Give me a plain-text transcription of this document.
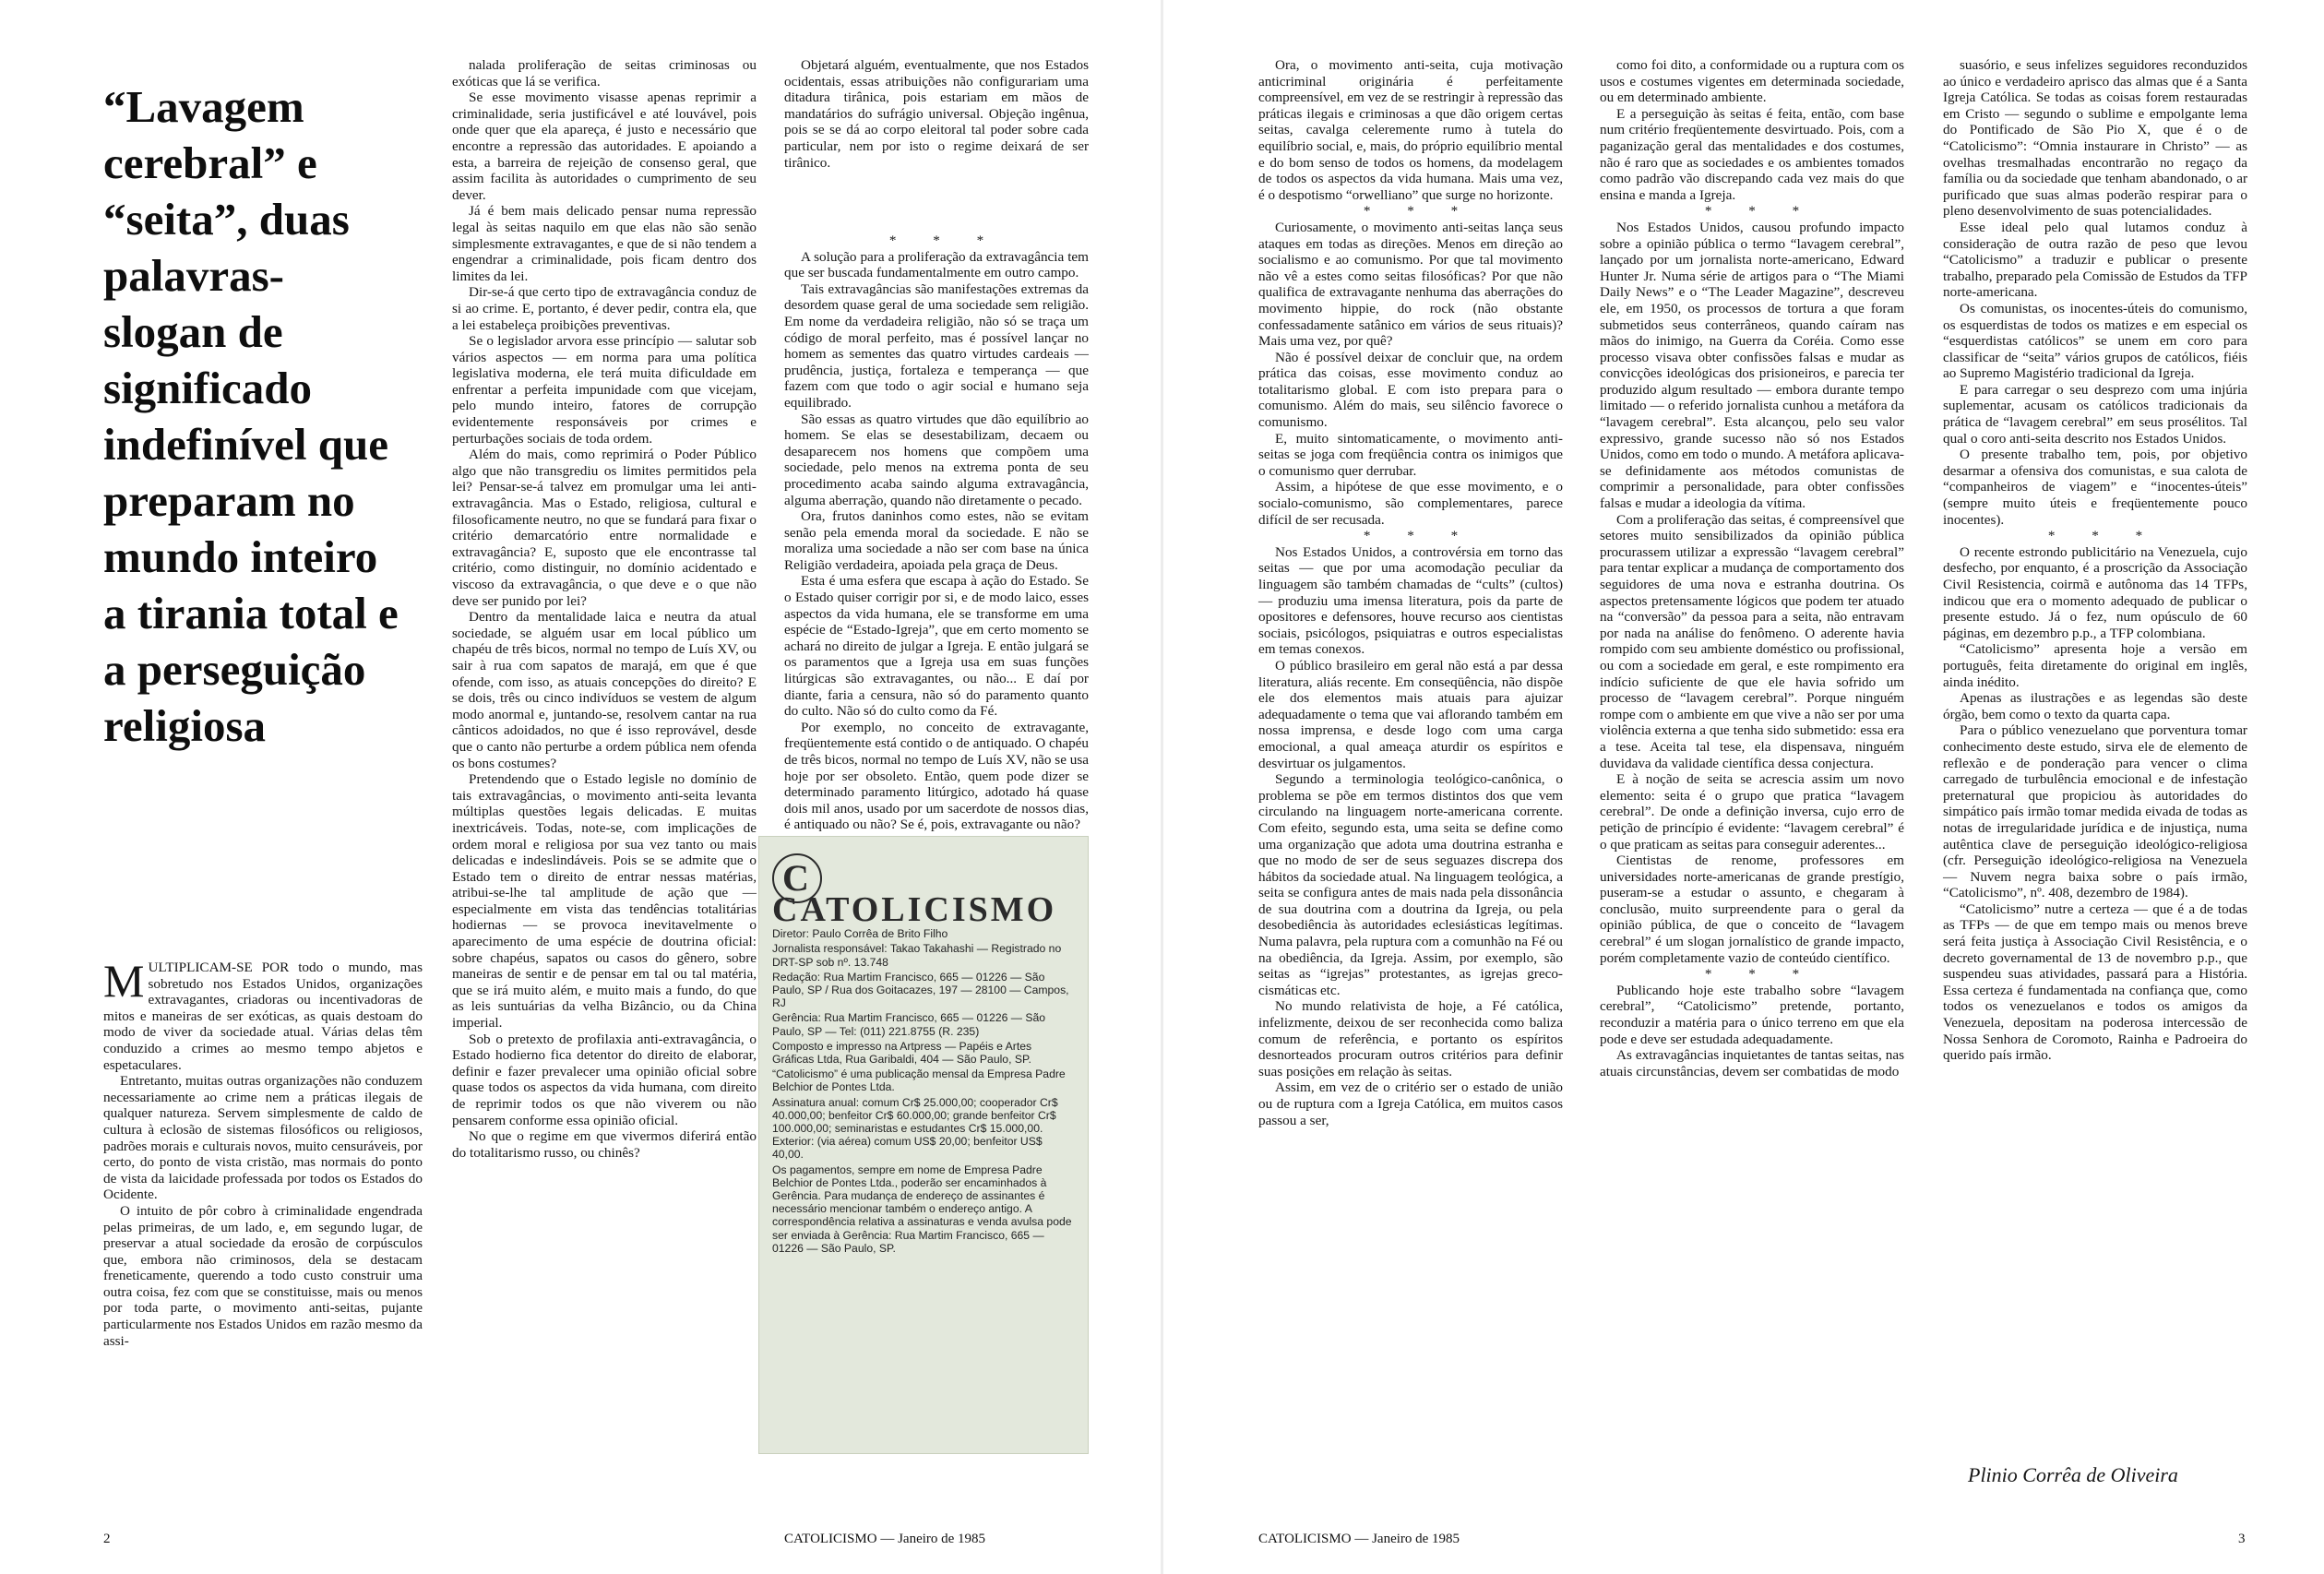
“Lavagem cerebral” e “seita”, duas palavras-slogan de significado indefinível que preparam no mundo inteiro a tirania total e a perseguição religiosa

MULTIPLICAM-SE POR todo o mundo, mas sobretudo nos Estados Unidos, organizações extravagantes, criadoras ou incentivadoras de mitos e maneiras de ser exóticas, as quais destoam do modo de viver da sociedade atual. Várias delas têm conduzido a crimes ao mesmo tempo abjetos e espetaculares.

Entretanto, muitas outras organizações não conduzem necessariamente ao crime nem a práticas ilegais de qualquer natureza. Servem simplesmente de caldo de cultura à eclosão de sistemas filosóficos ou religiosos, padrões morais e culturais novos, muito censuráveis, por certo, do ponto de vista cristão, mas normais do ponto de vista da laicidade professada por todos os Estados do Ocidente.

O intuito de pôr cobro à criminalidade engendrada pelas primeiras, de um lado, e, em segundo lugar, de preservar a atual sociedade da erosão de corpúsculos que, embora não criminosos, dela se destacam freneticamente, querendo a todo custo construir uma outra coisa, fez com que se constituisse, mais ou menos por toda parte, o movimento anti-seitas, pujante particularmente nos Estados Unidos em razão mesmo da assi-

nalada proliferação de seitas criminosas ou exóticas que lá se verifica.

Se esse movimento visasse apenas reprimir a criminalidade, seria justificável e até louvável, pois onde quer que ela apareça, é justo e necessário que encontre a repressão das autoridades. E apoiando a esta, a barreira de rejeição de consenso geral, que assim facilita às autoridades o cumprimento de seu dever.

Já é bem mais delicado pensar numa repressão legal às seitas naquilo em que elas não são senão simplesmente extravagantes, e que de si não tendem a engendrar a criminalidade, pois ficam dentro dos limites da lei.

Dir-se-á que certo tipo de extravagância conduz de si ao crime. E, portanto, é dever pedir, contra ela, que a lei estabeleça proibições preventivas.

Se o legislador arvora esse princípio — salutar sob vários aspectos — em norma para uma política legislativa moderna, ele terá muita dificuldade em enfrentar a perfeita impunidade com que vicejam, pelo mundo inteiro, fatores de corrupção evidentemente responsáveis por crimes e perturbações sociais de toda ordem.

Além do mais, como reprimirá o Poder Público algo que não transgrediu os limites permitidos pela lei? Pensar-se-á talvez em promulgar uma lei anti-extravagância. Mas o Estado, religiosa, cultural e filosoficamente neutro, no que se fundará para fixar o critério demarcatório entre normalidade e extravagância? E, suposto que ele encontrasse tal critério, como distinguir, no domínio acidentado e viscoso da extravagância, o que deve e o que não deve ser punido por lei?

Dentro da mentalidade laica e neutra da atual sociedade, se alguém usar em local público um chapéu de três bicos, normal no tempo de Luís XV, ou sair à rua com sapatos de marajá, em que é que ofende, com isso, as atuais concepções do direito? E se dois, três ou cinco indivíduos se vestem de algum modo anormal e, juntando-se, resolvem cantar na rua cânticos adoidados, no que é isso reprovável, desde que o canto não perturbe a ordem pública nem ofenda os bons costumes?

Pretendendo que o Estado legisle no domínio de tais extravagâncias, o movimento anti-seita levanta múltiplas questões legais delicadas. E muitas inextricáveis. Todas, note-se, com implicações de ordem moral e religiosa por sua vez tanto ou mais delicadas e indeslindáveis. Pois se se admite que o Estado tem o direito de entrar nessas matérias, atribui-se-lhe tal amplitude de ação que — especialmente em vista das tendências totalitárias hodiernas — se provoca inevitavelmente o aparecimento de uma espécie de doutrina oficial: sobre chapéus, sapatos ou casos do gênero, sobre maneiras de sentir e de pensar em tal ou tal matéria, que se irá muito além, e muito mais a fundo, do que as leis suntuárias da velha Bizâncio, ou da China imperial.

Sob o pretexto de profilaxia anti-extravagância, o Estado hodierno fica detentor do direito de elaborar, definir e fazer prevalecer uma opinião oficial sobre quase todos os aspectos da vida humana, com direito de reprimir todos os que não viverem ou não pensarem conforme essa opinião oficial.

No que o regime em que vivermos diferirá então do totalitarismo russo, ou chinês?

Objetará alguém, eventualmente, que nos Estados ocidentais, essas atribuições não configurariam uma ditadura tirânica, pois estariam em mãos de mandatários do sufrágio universal. Objeção ingênua, pois se se dá ao corpo eleitoral tal poder sobre cada particular, nem por isto o regime deixará de ser tirânico.

* * *

A solução para a proliferação da extravagância tem que ser buscada fundamentalmente em outro campo.

Tais extravagâncias são manifestações extremas da desordem quase geral de uma sociedade sem religião. Em nome da verdadeira religião, não só se traça um código de moral perfeito, mas é possível lançar no homem as sementes das quatro virtudes cardeais — prudência, justiça, fortaleza e temperança — que fazem com que todo o agir social e humano seja equilibrado.

São essas as quatro virtudes que dão equilíbrio ao homem. Se elas se desestabilizam, decaem ou desaparecem nos homens que compõem uma sociedade, pelo menos na extrema ponta de seu procedimento acaba saindo alguma extravagância, alguma aberração, quando não diretamente o pecado.

Ora, frutos daninhos como estes, não se evitam senão pela emenda moral da sociedade. E não se moraliza uma sociedade a não ser com base na única Religião verdadeira, apoiada pela graça de Deus.

Esta é uma esfera que escapa à ação do Estado. Se o Estado quiser corrigir por si, e de modo laico, esses aspectos da vida humana, ele se transforme em uma espécie de “Estado-Igreja”, que em certo momento se achará no direito de julgar a Igreja. E então julgará se os paramentos que a Igreja usa em suas funções litúrgicas são extravagantes, ou não... E daí por diante, faria a censura, não só do paramento quanto do culto. Não só do culto como da Fé.

Por exemplo, no conceito de extravagante, freqüentemente está contido o de antiquado. O chapéu de três bicos, normal no tempo de Luís XV, não se usa hoje por ser obsoleto. Então, quem pode dizer se determinado paramento litúrgico, adotado há quase dois mil anos, usado por um sacerdote de nossos dias, é antiquado ou não? Se é, pois, extravagante ou não?

CCATOLICISMO

Diretor: Paulo Corrêa de Brito Filho

Jornalista responsável: Takao Takahashi — Registrado no DRT-SP sob nº. 13.748

Redação: Rua Martim Francisco, 665 — 01226 — São Paulo, SP / Rua dos Goitacazes, 197 — 28100 — Campos, RJ

Gerência: Rua Martim Francisco, 665 — 01226 — São Paulo, SP — Tel: (011) 221.8755 (R. 235)

Composto e impresso na Artpress — Papéis e Artes Gráficas Ltda, Rua Garibaldi, 404 — São Paulo, SP.

“Catolicismo” é uma publicação mensal da Empresa Padre Belchior de Pontes Ltda.

Assinatura anual: comum Cr$ 25.000,00; cooperador Cr$ 40.000,00; benfeitor Cr$ 60.000,00; grande benfeitor Cr$ 100.000,00; seminaristas e estudantes Cr$ 15.000,00. Exterior: (via aérea) comum US$ 20,00; benfeitor US$ 40,00.

Os pagamentos, sempre em nome de Empresa Padre Belchior de Pontes Ltda., poderão ser encaminhados à Gerência. Para mudança de endereço de assinantes é necessário mencionar também o endereço antigo. A correspondência relativa a assinaturas e venda avulsa pode ser enviada à Gerência: Rua Martim Francisco, 665 — 01226 — São Paulo, SP.

Ora, o movimento anti-seita, cuja motivação anticriminal originária é perfeitamente compreensível, em vez de se restringir à repressão das práticas ilegais e criminosas a que dão origem certas seitas, cavalga celeremente rumo à tutela do equilíbrio social, e, mais, do próprio equilíbrio mental e do bom senso de todos os homens, da modelagem de todos os aspectos da vida humana. Mais uma vez, é o despotismo “orwelliano” que surge no horizonte.

* * *

Curiosamente, o movimento anti-seitas lança seus ataques em todas as direções. Menos em direção ao socialismo e ao comunismo. Por que tal movimento não vê a estes como seitas filosóficas? Por que não qualifica de extravagante nenhuma das aberrações do movimento hippie, do rock (não obstante confessadamente satânico em vários de seus rituais)? Mais uma vez, por quê?

Não é possível deixar de concluir que, na ordem prática das coisas, esse movimento conduz ao totalitarismo global. E com isto prepara para o comunismo. Além do mais, seu silêncio favorece o comunismo.

E, muito sintomaticamente, o movimento anti-seitas se joga com freqüência contra os inimigos que o comunismo quer derrubar.

Assim, a hipótese de que esse movimento, e o socialo-comunismo, são complementares, parece difícil de ser recusada.

* * *

Nos Estados Unidos, a controvérsia em torno das seitas — que por uma acomodação peculiar da linguagem são também chamadas de “cults” (cultos) — produziu uma imensa literatura, pois da parte de opositores e defensores, houve recurso aos cientistas sociais, psicólogos, psiquiatras e outros especialistas em temas conexos.

O público brasileiro em geral não está a par dessa literatura, aliás recente. Em conseqüência, não dispõe ele dos elementos mais atuais para ajuizar adequadamente o tema que vai aflorando também em nossa imprensa, e desde logo com uma carga emocional, a qual ameaça aturdir os espíritos e desvirtuar os julgamentos.

Segundo a terminologia teológico-canônica, o problema se põe em termos distintos dos que vem circulando na linguagem norte-americana corrente. Com efeito, segundo esta, uma seita se define como uma organização que adota uma doutrina estranha e que no modo de ser de seus seguazes discrepa dos hábitos da sociedade atual. Na linguagem teológica, a seita se configura antes de mais nada pela dissonância de sua doutrina com a doutrina da Igreja, ou pela desobediência às autoridades eclesiásticas legítimas. Numa palavra, pela ruptura com a comunhão na Fé ou na obediência, da Igreja. Assim, por exemplo, são seitas as “igrejas” protestantes, as igrejas greco-cismáticas etc.

No mundo relativista de hoje, a Fé católica, infelizmente, deixou de ser reconhecida como baliza comum de referência, e portanto os espíritos desnorteados procuram outros critérios para definir suas posições em relação às seitas.

Assim, em vez de o critério ser o estado de união ou de ruptura com a Igreja Católica, em muitos casos passou a ser,

como foi dito, a conformidade ou a ruptura com os usos e costumes vigentes em determinada sociedade, ou em determinado ambiente.

E a perseguição às seitas é feita, então, com base num critério freqüentemente desvirtuado. Pois, com a paganização geral das mentalidades e dos costumes, não é raro que as sociedades e os ambientes tomados como padrão vão discrepando cada vez mais do que ensina e manda a Igreja.

* * *

Nos Estados Unidos, causou profundo impacto sobre a opinião pública o termo “lavagem cerebral”, lançado por um jornalista norte-americano, Edward Hunter Jr. Numa série de artigos para o “The Miami Daily News” e o “The Leader Magazine”, descreveu ele, em 1950, os processos de tortura a que foram submetidos seus conterrâneos, quando caíram nas mãos do inimigo, na Guerra da Coréia. Como esse processo visava obter confissões falsas e mudar as convicções ideológicas dos prisioneiros, e parecia ter produzido algum resultado — embora durante tempo limitado — o referido jornalista cunhou a metáfora da “lavagem cerebral”. Esta alcançou, pelo seu valor expressivo, grande sucesso não só nos Estados Unidos, como em todo o mundo. A metáfora aplicava-se definidamente aos métodos comunistas de comprimir a personalidade, para obter confissões falsas e mudar a ideologia da vítima.

Com a proliferação das seitas, é compreensível que setores muito sensibilizados da opinião pública procurassem utilizar a expressão “lavagem cerebral” para tentar explicar a mudança de comportamento dos seguidores de uma nova e estranha doutrina. Os aspectos pretensamente lógicos que podem ter atuado na “conversão” da pessoa para a seita, não entravam por nada na análise do fenômeno. O aderente havia rompido com seu ambiente doméstico ou profissional, ou com a sociedade em geral, e este rompimento era indício suficiente de que ele havia sofrido um processo de “lavagem cerebral”. Porque ninguém rompe com o ambiente em que vive a não ser por uma violência externa a que tenha sido submetido: essa era a tese. Aceita tal tese, ela dispensava, ninguém duvidava da validade científica dessa conjectura.

E à noção de seita se acrescia assim um novo elemento: seita é o grupo que pratica “lavagem cerebral”. De onde a definição inversa, cujo erro de petição de princípio é evidente: “lavagem cerebral” é o que praticam as seitas para conseguir aderentes...

Cientistas de renome, professores em universidades norte-americanas de grande prestígio, puseram-se a estudar o assunto, e chegaram à conclusão, muito surpreendente para o geral da opinião pública, de que o conceito de “lavagem cerebral” é um slogan jornalístico de grande impacto, porém completamente vazio de conteúdo científico.

* * *

Publicando hoje este trabalho sobre “lavagem cerebral”, “Catolicismo” pretende, portanto, reconduzir a matéria para o único terreno em que ela pode e deve ser estudada adequadamente.

As extravagâncias inquietantes de tantas seitas, nas atuais circunstâncias, devem ser combatidas de modo

suasório, e seus infelizes seguidores reconduzidos ao único e verdadeiro aprisco das almas que é a Santa Igreja Católica. Se todas as coisas forem restauradas em Cristo — segundo o sublime e empolgante lema do Pontificado de São Pio X, que é o de “Catolicismo”: “Omnia instaurare in Christo” — as ovelhas tresmalhadas encontrarão no regaço da família ou da sociedade que tenham abandonado, o ar purificado que suas almas poderão respirar para o pleno desenvolvimento de suas potencialidades.

Esse ideal pelo qual lutamos conduz à consideração de outra razão de peso que levou “Catolicismo” a traduzir e publicar o presente trabalho, preparado pela Comissão de Estudos da TFP norte-americana.

Os comunistas, os inocentes-úteis do comunismo, os esquerdistas de todos os matizes e em especial os “esquerdistas católicos” se unem em coro para classificar de “seita” vários grupos de católicos, fiéis ao Supremo Magistério tradicional da Igreja.

E para carregar o seu desprezo com uma injúria suplementar, acusam os católicos tradicionais da prática de “lavagem cerebral” em seus prosélitos. Tal qual o coro anti-seita descrito nos Estados Unidos.

O presente trabalho tem, pois, por objetivo desarmar a ofensiva dos comunistas, e sua calota de “companheiros de viagem” e “inocentes-úteis” (sempre muito úteis e freqüentemente pouco inocentes).

* * *

O recente estrondo publicitário na Venezuela, cujo desfecho, por enquanto, é a proscrição da Associação Civil Resistencia, coirmã e autônoma das 14 TFPs, indicou que era o momento adequado de publicar o presente estudo. Já o fez, num opúsculo de 60 páginas, em dezembro p.p., a TFP colombiana.

“Catolicismo” apresenta hoje a versão em português, feita diretamente do original em inglês, ainda inédito.

Apenas as ilustrações e as legendas são deste órgão, bem como o texto da quarta capa.

Para o público venezuelano que porventura tomar conhecimento deste estudo, sirva ele de elemento de reflexão e de ponderação para vencer o clima carregado de turbulência emocional e de infestação preternatural que propiciou às autoridades do simpático país irmão tomar medida eivada de todas as notas de irregularidade jurídica e de injustiça, numa autêntica clave de perseguição ideológico-religiosa (cfr. Perseguição ideológico-religiosa na Venezuela — Nuvem negra baixa sobre o país irmão, “Catolicismo”, nº. 408, dezembro de 1984).

“Catolicismo” nutre a certeza — que é a de todas as TFPs — de que em tempo mais ou menos breve será feita justiça à Associação Civil Resistência, e o decreto governamental de 13 de novembro p.p., que suspendeu suas atividades, passará para a História. Essa certeza é fundamentada na confiança que, como todos os venezuelanos e todos os amigos da Venezuela, depositam na poderosa intercessão de Nossa Senhora de Coromoto, Rainha e Padroeira do querido país irmão.

Plinio Corrêa de Oliveira
2	CATOLICISMO — Janeiro de 1985	CATOLICISMO — Janeiro de 1985	3
